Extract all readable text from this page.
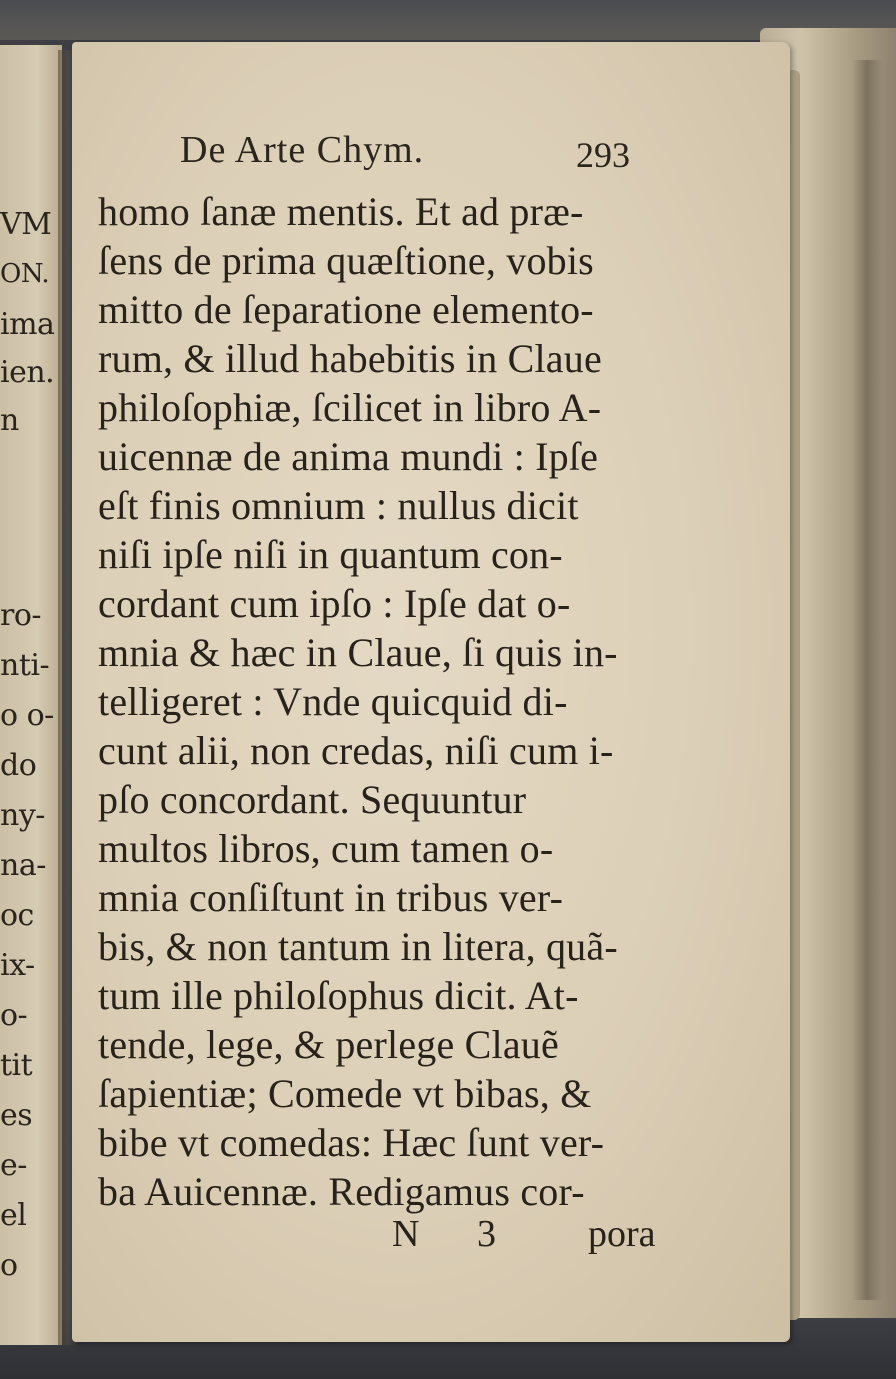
VM
ON.
ima
ien.
n
ro-
nti-
o o-
do
ny-
na-
oc
ix-
o-
tit
es
e-
el
o
De Arte Chym.	293
homo ſanæ mentis. Et ad præ-
ſens de prima quæſtione, vobis
mitto de ſeparatione elemento-
rum, & illud habebitis in Claue
philoſophiæ, ſcilicet in libro A-
uicennæ de anima mundi : Ipſe
eſt finis omnium : nullus dicit
niſi ipſe niſi in quantum con-
cordant cum ipſo : Ipſe dat o-
mnia & hæc in Claue, ſi quis in-
telligeret : Vnde quicquid di-
cunt alii, non credas, niſi cum i-
pſo concordant. Sequuntur
multos libros, cum tamen o-
mnia conſiſtunt in tribus ver-
bis, & non tantum in litera, quã-
tum ille philoſophus dicit. At-
tende, lege, & perlege Clauẽ
ſapientiæ; Comede vt bibas, &
bibe vt comedas: Hæc ſunt ver-
ba Auicennæ. Redigamus cor-
N 3 pora
